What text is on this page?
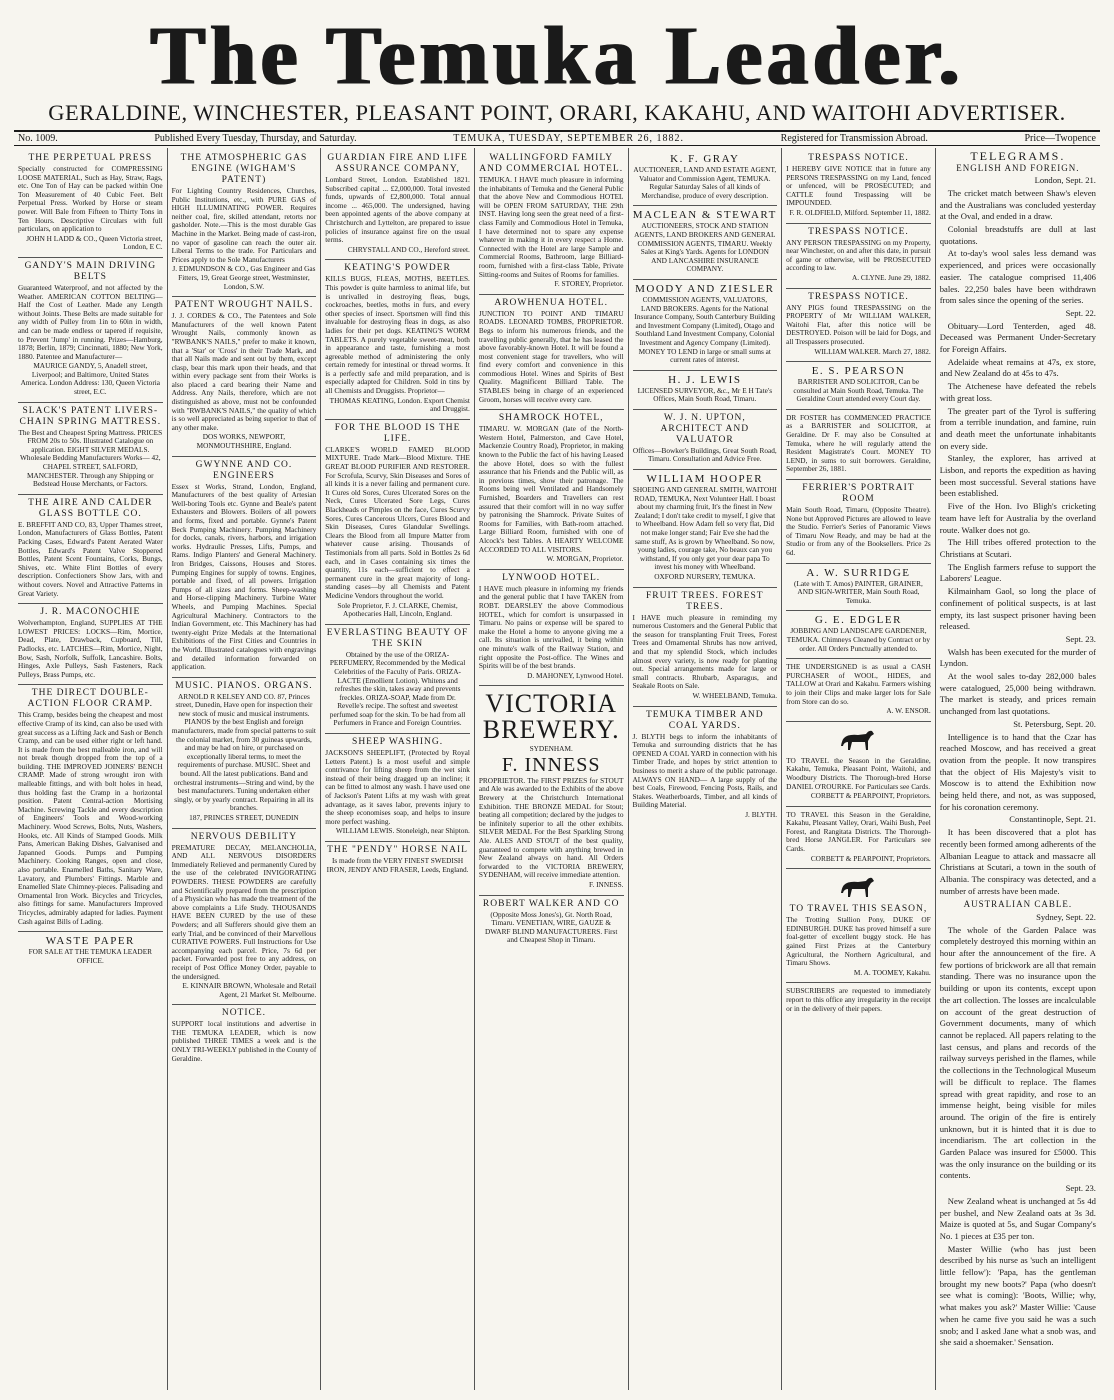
The Temuka Leader.
GERALDINE, WINCHESTER, PLEASANT POINT, ORARI, KAKAHU, AND WAITOHI ADVERTISER.
No. 1009.	Published Every Tuesday, Thursday, and Saturday.	TEMUKA, TUESDAY, SEPTEMBER 26, 1882.	Registered for Transmission Abroad.	Price—Twopence
THE PERPETUAL PRESS

Specially constructed for COMPRESSING LOOSE MATERIAL, Such as Hay, Straw, Rags, etc. One Ton of Hay can be packed within One Ton Measurement of 40 Cubic Feet. Belt Perpetual Press. Worked by Horse or steam power. Will Bale from Fifteen to Thirty Tons in Ten Hours. Descriptive Circulars with full particulars, on application to

JOHN H LADD & CO., Queen Victoria street, London, E C.

GANDY'S MAIN DRIVING BELTS

Guaranteed Waterproof, and not affected by the Weather. AMERICAN COTTON BELTING—Half the Cost of Leather. Made any Length without Joints. These Belts are made suitable for any width of Pulley from 1in to 60in in width, and can be made endless or tapered if requisite, to Prevent 'Jump' in running. Prizes—Hamburg, 1878; Berlin, 1879; Cincinnati, 1880; New York, 1880. Patentee and Manufacturer—

MAURICE GANDY, 5, Anadell street, Liverpool; and Baltimore, United States America. London Address: 130, Queen Victoria street, E.C.

SLACK'S PATENT LIVERS-CHAIN SPRING MATTRESS.

The Best and Cheapest Spring Mattress. PRICES FROM 20s to 50s. Illustrated Catalogue on application. EIGHT SILVER MEDALS. Wholesale Bedding Manufacturers Works— 42, CHAPEL STREET, SALFORD, MANCHESTER. Through any Shipping or Bedstead House Merchants, or Factors.

THE AIRE AND CALDER GLASS BOTTLE CO.

E. BREFFIT AND CO, 83, Upper Thames street, London, Manufacturers of Glass Bottles, Patent Packing Cases, Edward's Patent Aerated Water Bottles, Edward's Patent Valve Stoppered Bottles, Patent Scent Fountains, Corks, Bungs, Shives, etc. White Flint Bottles of every description. Confectioners Show Jars, with and without covers. Novel and Attractive Patterns in Great Variety.

J. R. MACONOCHIE

Wolverhampton, England, SUPPLIES AT THE LOWEST PRICES: LOCKS—Rim, Mortice, Dead, Plate, Drawback, Cupboard, Till, Padlocks, etc. LATCHES—Rim, Mortice, Night, Bow, Sash, Norfolk, Suffolk, Lancashire. Bolts, Hinges, Axle Pulleys, Sash Fasteners, Rack Pulleys, Brass Pumps, etc.

THE DIRECT DOUBLE-ACTION FLOOR CRAMP.

This Cramp, besides being the cheapest and most effective Cramp of its kind, can also be used with great success as a Lifting Jack and Sash or Bench Cramp, and can be used either right or left hand. It is made from the best malleable iron, and will not break though dropped from the top of a building. THE IMPROVED JOINERS' BENCH CRAMP. Made of strong wrought iron with malleable fittings, and with bolt holes in head, thus holding fast the Cramp in a horizontal position. Patent Central-action Mortising Machine. Screwing Tackle and every description of Engineers' Tools and Wood-working Machinery. Wood Screws, Bolts, Nuts, Washers, Hooks, etc. All Kinds of Stamped Goods. Milk Pans, American Baking Dishes, Galvanised and Japanned Goods. Pumps and Pumping Machinery. Cooking Ranges, open and close, also portable. Enamelled Baths, Sanitary Ware, Lavatory, and Plumbers' Fittings. Marble and Enamelled Slate Chimney-pieces. Palisading and Ornamental Iron Work. Bicycles and Tricycles, also fittings for same. Manufacturers Improved Tricycles, admirably adapted for ladies. Payment Cash against Bills of Lading.

WASTE PAPER

FOR SALE AT THE TEMUKA LEADER OFFICE.

THE ATMOSPHERIC GAS ENGINE (WIGHAM'S PATENT)

For Lighting Country Residences, Churches, Public Institutions, etc., with PURE GAS of HIGH ILLUMINATING POWER. Requires neither coal, fire, skilled attendant, retorts nor gasholder. Note.—This is the most durable Gas Machine in the Market. Being made of cast-iron, no vapor of gasoline can reach the outer air. Liberal Terms to the trade. For Particulars and Prices apply to the Sole Manufacturers

J. EDMUNDSON & CO., Gas Engineer and Gas Fitters, 19, Great George street, Westminster, London, S.W.

PATENT WROUGHT NAILS.

J. J. CORDES & CO., The Patentees and Sole Manufacturers of the well known Patent Wrought Nails, commonly known as "RWBANK'S NAILS," prefer to make it known, that a 'Star' or 'Cross' in their Trade Mark, and that all Nails made and sent out by them, except clasp, bear this mark upon their heads, and that within every package sent from their Works is also placed a card bearing their Name and Address. Any Nails, therefore, which are not distinguished as above, must not be confounded with "RWBANK'S NAILS," the quality of which is so well appreciated as being superior to that of any other make.

DOS WORKS, NEWPORT, MONMOUTHSHIRE, England.

GWYNNE AND CO. ENGINEERS

Essex st Works, Strand, London, England, Manufacturers of the best quality of Artesian Well-boring Tools etc. Gynne and Beale's patent Exhausters and Blowers. Boilers of all powers and forms, fixed and portable. Gynne's Patent Beck Pumping Machinery. Pumping Machinery for docks, canals, rivers, harbors, and irrigation works. Hydraulic Presses, Lifts, Pumps, and Rams. Indigo Planters' and General Machinery. Iron Bridges, Caissons, Houses and Stores. Pumping Engines for supply of towns. Engines, portable and fixed, of all powers. Irrigation Pumps of all sizes and forms. Sheep-washing and Horse-clipping Machinery. Turbine Water Wheels, and Pumping Machines. Special Agricultural Machinery. Contractors to the Indian Government, etc. This Machinery has had twenty-eight Prize Medals at the International Exhibitions of the First Cities and Countries in the World. Illustrated catalogues with engravings and detailed information forwarded on application.

MUSIC. PIANOS. ORGANS.

ARNOLD R KELSEY AND CO. 87, Princes street, Dunedin, Have open for inspection their new stock of music and musical instruments. PIANOS by the best English and foreign manufacturers, made from special patterns to suit the colonial market, from 30 guineas upwards, and may be had on hire, or purchased on exceptionally liberal terms, to meet the requirements of purchase. MUSIC. Sheet and bound. All the latest publications. Band and orchestral instruments—String and wind, by the best manufacturers. Tuning undertaken either singly, or by yearly contract. Repairing in all its branches.

187, PRINCES STREET, DUNEDIN

NERVOUS DEBILITY

PREMATURE DECAY, MELANCHOLIA, AND ALL NERVOUS DISORDERS Immediately Relieved and permanently Cured by the use of the celebrated INVIGORATING POWDERS. THESE POWDERS are carefully and Scientifically prepared from the prescription of a Physician who has made the treatment of the above complaints a Life Study. THOUSANDS HAVE BEEN CURED by the use of these Powders; and all Sufferers should give them an early Trial, and be convinced of their Marvellous CURATIVE POWERS. Full Instructions for Use accompanying each parcel. Price, 7s 6d per packet. Forwarded post free to any address, on receipt of Post Office Money Order, payable to the undersigned.

E. KINNAIR BROWN, Wholesale and Retail Agent, 21 Market St. Melbourne.

NOTICE.

SUPPORT local institutions and advertise in THE TEMUKA LEADER, which is now published THREE TIMES a week and is the ONLY TRI-WEEKLY published in the County of Geraldine.

GUARDIAN FIRE AND LIFE ASSURANCE COMPANY,

Lombard Street, London. Established 1821. Subscribed capital ... £2,000,000. Total invested funds, upwards of £2,800,000. Total annual income ... 465,000. The undersigned, having been appointed agents of the above company at Christchurch and Lyttelton, are prepared to issue policies of insurance against fire on the usual terms.

CHRYSTALL AND CO., Hereford street.

KEATING'S POWDER

KILLS BUGS, FLEAS, MOTHS, BEETLES. This powder is quite harmless to animal life, but is unrivalled in destroying fleas, bugs, cockroaches, beetles, moths in furs, and every other species of insect. Sportsmen will find this invaluable for destroying fleas in dogs, as also ladies for their pet dogs. KEATING'S WORM TABLETS. A purely vegetable sweet-meat, both in appearance and taste, furnishing a most agreeable method of administering the only certain remedy for intestinal or thread worms. It is a perfectly safe and mild preparation, and is especially adapted for Children. Sold in tins by all Chemists and Druggists. Proprietor—

THOMAS KEATING, London. Export Chemist and Druggist.

FOR THE BLOOD IS THE LIFE.

CLARKE'S WORLD FAMED BLOOD MIXTURE. Trade Mark—Blood Mixture. THE GREAT BLOOD PURIFIER AND RESTORER. For Scrofula, Scurvy, Skin Diseases and Sores of all kinds it is a never failing and permanent cure. It Cures old Sores, Cures Ulcerated Sores on the Neck, Cures Ulcerated Sore Legs, Cures Blackheads or Pimples on the face, Cures Scurvy Sores, Cures Cancerous Ulcers, Cures Blood and Skin Diseases, Cures Glandular Swellings. Clears the Blood from all Impure Matter from whatever cause arising. Thousands of Testimonials from all parts. Sold in Bottles 2s 6d each, and in Cases containing six times the quantity, 11s each—sufficient to effect a permanent cure in the great majority of long-standing cases—by all Chemists and Patent Medicine Vendors throughout the world.

Sole Proprietor, F. J. CLARKE, Chemist, Apothecaries Hall, Lincoln, England.

EVERLASTING BEAUTY OF THE SKIN

Obtained by the use of the ORIZA-PERFUMERY, Recommended by the Medical Celebrities of the Faculty of Paris. ORIZA-LACTE (Emollient Lotion). Whitens and refreshes the skin, takes away and prevents freckles. ORIZA-SOAP, Made from Dr. Revelle's recipe. The softest and sweetest perfumed soap for the skin. To be had from all Perfumers in France and Foreign Countries.

SHEEP WASHING.

JACKSON'S SHEEPLIFT, (Protected by Royal Letters Patent.) Is a most useful and simple contrivance for lifting sheep from the wet sink instead of their being dragged up an incline; it can be fitted to almost any wash. I have used one of Jackson's Patent Lifts at my wash with great advantage, as it saves labor, prevents injury to the sheep economises soap, and helps to insure more perfect washing.

WILLIAM LEWIS. Stoneleigh, near Shipton.

THE "PENDY" HORSE NAIL

Is made from the VERY FINEST SWEDISH IRON, JENDY AND FRASER, Leeds, England.

WALLINGFORD FAMILY AND COMMERCIAL HOTEL.

TEMUKA. I HAVE much pleasure in informing the inhabitants of Temuka and the General Public that the above New and Commodious HOTEL will be OPEN FROM SATURDAY, THE 29th INST. Having long seen the great need of a first-class Family and Commodious Hotel in Temuka, I have determined not to spare any expense whatever in making it in every respect a Home. Connected with the Hotel are large Sample and Commercial Rooms, Bathroom, large Billiard-room, furnished with a first-class Table, Private Sitting-rooms and Suites of Rooms for families.

F. STOREY, Proprietor.

AROWHENUA HOTEL.

JUNCTION TO POINT AND TIMARU ROADS. LEONARD TOMBS, PROPRIETOR. Begs to inform his numerous friends, and the travelling public generally, that he has leased the above favorably-known Hotel. It will be found a most convenient stage for travellers, who will find every comfort and convenience in this commodious Hotel. Wines and Spirits of Best Quality. Magnificent Billiard Table. The STABLES being in charge of an experienced Groom, horses will receive every care.

SHAMROCK HOTEL,

TIMARU. W. MORGAN (late of the North-Western Hotel, Palmerston, and Cave Hotel, Mackenzie Country Road), Proprietor, in making known to the Public the fact of his having Leased the above Hotel, does so with the fullest assurance that his Friends and the Public will, as in previous times, show their patronage. The Rooms being well Ventilated and Handsomely Furnished, Boarders and Travellers can rest assured that their comfort will in no way suffer by patronising the Shamrock. Private Suites of Rooms for Families, with Bath-room attached. Large Billiard Room, furnished with one of Alcock's best Tables. A HEARTY WELCOME ACCORDED TO ALL VISITORS.

W. MORGAN, Proprietor.

LYNWOOD HOTEL.

I HAVE much pleasure in informing my friends and the general public that I have TAKEN from ROBT. DEARSLEY the above Commodious HOTEL, which for comfort is unsurpassed in Timaru. No pains or expense will be spared to make the Hotel a home to anyone giving me a call. Its situation is unrivalled, it being within one minute's walk of the Railway Station, and right opposite the Post-office. The Wines and Spirits will be of the best brands.

D. MAHONEY, Lynwood Hotel.

VICTORIA BREWERY.
SYDENHAM.
F. INNESS

PROPRIETOR. The FIRST PRIZES for STOUT and Ale was awarded to the Exhibits of the above Brewery at the Christchurch International Exhibition. THE BRONZE MEDAL for Stout; beating all competition; declared by the judges to be infinitely superior to all the other exhibits. SILVER MEDAL For the Best Sparkling Strong Ale. ALES AND STOUT of the best quality, guaranteed to compete with anything brewed in New Zealand always on hand. All Orders forwarded to the VICTORIA BREWERY, SYDENHAM, will receive immediate attention.

F. INNESS.

ROBERT WALKER AND CO

(Opposite Moss Jones's), Gt. North Road, Timaru. VENETIAN, WIRE, GAUZE & DWARF BLIND MANUFACTURERS. First and Cheapest Shop in Timaru.

K. F. GRAY

AUCTIONEER, LAND AND ESTATE AGENT, Valuator and Commission Agent, TEMUKA. Regular Saturday Sales of all kinds of Merchandise, produce of every description.

MACLEAN & STEWART

AUCTIONEERS, STOCK AND STATION AGENTS, LAND BROKERS AND GENERAL COMMISSION AGENTS, TIMARU. Weekly Sales at King's Yards. Agents for LONDON AND LANCASHIRE INSURANCE COMPANY.

MOODY AND ZIESLER

COMMISSION AGENTS, VALUATORS, LAND BROKERS. Agents for the National Insurance Company, South Canterbury Building and Investment Company (Limited), Otago and Southland Land Investment Company, Colonial Investment and Agency Company (Limited). MONEY TO LEND in large or small sums at current rates of interest.

H. J. LEWIS

LICENSED SURVEYOR, &c., Mr E H Tate's Offices, Main South Road, Timaru.

W. J. N. UPTON, ARCHITECT AND VALUATOR

Offices—Bowker's Buildings, Great South Road, Timaru. Consultation and Advice Free.

WILLIAM HOOPER

SHOEING AND GENERAL SMITH, WAITOHI ROAD, TEMUKA, Next Volunteer Hall. I boast about my charming fruit, It's the finest in New Zealand; I don't take credit to myself, I give that to Wheelband. How Adam fell so very flat, Did not make longer stand; Fair Eve she had the same stuff, As is grown by Wheelband. So now, young ladies, courage take, No beaux can you withstand, If you only get your dear papa To invest his money with Wheelband.

OXFORD NURSERY, TEMUKA.

FRUIT TREES. FOREST TREES.

I HAVE much pleasure in reminding my numerous Customers and the General Public that the season for transplanting Fruit Trees, Forest Trees and Ornamental Shrubs has now arrived, and that my splendid Stock, which includes almost every variety, is now ready for planting out. Special arrangements made for large or small contracts. Rhubarb, Asparagus, and Seakale Roots on Sale.

W. WHEELBAND, Temuka.

TEMUKA TIMBER AND COAL YARDS.

J. BLYTH begs to inform the inhabitants of Temuka and surrounding districts that he has OPENED A COAL YARD in connection with his Timber Trade, and hopes by strict attention to business to merit a share of the public patronage. ALWAYS ON HAND— A large supply of the best Coals, Firewood, Fencing Posts, Rails, and Stakes. Weatherboards, Timber, and all kinds of Building Material.

J. BLYTH.

TRESPASS NOTICE.

I HEREBY GIVE NOTICE that in future any PERSONS TRESPASSING on my Land, fenced or unfenced, will be PROSECUTED; and CATTLE found Trespassing will be IMPOUNDED.

F. R. OLDFIELD, Milford. September 11, 1882.

TRESPASS NOTICE.

ANY PERSON TRESPASSING on my Property, near Winchester, on and after this date, in pursuit of game or otherwise, will be PROSECUTED according to law.

A. CLYNE. June 29, 1882.

TRESPASS NOTICE.

ANY PIGS found TRESPASSING on the PROPERTY of Mr WILLIAM WALKER, Waitohi Flat, after this notice will be DESTROYED. Poison will be laid for Dogs, and all Trespassers prosecuted.

WILLIAM WALKER. March 27, 1882.

E. S. PEARSON

BARRISTER AND SOLICITOR, Can be consulted at Main South Road, Temuka. The Geraldine Court attended every Court day.

DR FOSTER has COMMENCED PRACTICE as a BARRISTER and SOLICITOR, at Geraldine. Dr F. may also be Consulted at Temuka, where he will regularly attend the Resident Magistrate's Court. MONEY TO LEND, in sums to suit borrowers. Geraldine, September 26, 1881.

FERRIER'S PORTRAIT ROOM

Main South Road, Timaru, (Opposite Theatre). None but Approved Pictures are allowed to leave the Studio. Ferrier's Series of Panoramic Views of Timaru Now Ready, and may be had at the Studio or from any of the Booksellers. Price 2s 6d.

A. W. SURRIDGE

(Late with T. Amos) PAINTER, GRAINER, AND SIGN-WRITER, Main South Road, Temuka.

G. E. EDGLER

JOBBING AND LANDSCAPE GARDENER, TEMUKA. Chimneys Cleaned by Contract or by order. All Orders Punctually attended to.

THE UNDERSIGNED is as usual a CASH PURCHASER of WOOL, HIDES, and TALLOW at Orari and Kakahu. Farmers wishing to join their Clips and make larger lots for Sale from Store can do so.

A. W. ENSOR.

TO TRAVEL the Season in the Geraldine, Kakahu, Temuka, Pleasant Point, Waitohi, and Woodbury Districts. The Thorough-bred Horse DANIEL O'ROURKE. For Particulars see Cards.

CORBETT & PEARPOINT, Proprietors.

TO TRAVEL this Season in the Geraldine, Kakahu, Pleasant Valley, Orari, Waihi Bush, Peel Forest, and Rangitata Districts. The Thorough-bred Horse JANGLER. For Particulars see Cards.

CORBETT & PEARPOINT, Proprietors.

TO TRAVEL THIS SEASON,

The Trotting Stallion Pony, DUKE OF EDINBURGH. DUKE has proved himself a sure foal-getter of excellent buggy stock. He has gained First Prizes at the Canterbury Agricultural, the Northern Agricultural, and Timaru Shows.

M. A. TOOMEY, Kakahu.

SUBSCRIBERS are requested to immediately report to this office any irregularity in the receipt or in the delivery of their papers.

TELEGRAMS.
ENGLISH AND FOREIGN.

London, Sept. 21.

The cricket match between Shaw's eleven and the Australians was concluded yesterday at the Oval, and ended in a draw.

Colonial breadstuffs are dull at last quotations.

At to-day's wool sales less demand was experienced, and prices were occasionally easier. The catalogue comprised 11,406 bales. 22,250 bales have been withdrawn from sales since the opening of the series.

Sept. 22.

Obituary—Lord Tenterden, aged 48. Deceased was Permanent Under-Secretary for Foreign Affairs.

Adelaide wheat remains at 47s, ex store, and New Zealand do at 45s to 47s.

The Atchenese have defeated the rebels with great loss.

The greater part of the Tyrol is suffering from a terrible inundation, and famine, ruin and death meet the unfortunate inhabitants on every side.

Stanley, the explorer, has arrived at Lisbon, and reports the expedition as having been most successful. Several stations have been established.

Five of the Hon. Ivo Bligh's cricketing team have left for Australia by the overland route. Walker does not go.

The Hill tribes offered protection to the Christians at Scutari.

The English farmers refuse to support the Laborers' League.

Kilmainham Gaol, so long the place of confinement of political suspects, is at last empty, its last suspect prisoner having been released.

Sept. 23.

Walsh has been executed for the murder of Lyndon.

At the wool sales to-day 282,000 bales were catalogued, 25,000 being withdrawn. The market is steady, and prices remain unchanged from last quotations.

St. Petersburg, Sept. 20.

Intelligence is to hand that the Czar has reached Moscow, and has received a great ovation from the people. It now transpires that the object of His Majesty's visit to Moscow is to attend the Exhibition now being held there, and not, as was supposed, for his coronation ceremony.

Constantinople, Sept. 21.

It has been discovered that a plot has recently been formed among adherents of the Albanian League to attack and massacre all Christians at Scutari, a town in the south of Albania. The conspiracy was detected, and a number of arrests have been made.

AUSTRALIAN CABLE.

Sydney, Sept. 22.

The whole of the Garden Palace was completely destroyed this morning within an hour after the announcement of the fire. A few portions of brickwork are all that remain standing. There was no insurance upon the building or upon its contents, except upon the art collection. The losses are incalculable on account of the great destruction of Government documents, many of which cannot be replaced. All papers relating to the last census, and plans and records of the railway surveys perished in the flames, while the collections in the Technological Museum will be difficult to replace. The flames spread with great rapidity, and rose to an immense height, being visible for miles around. The origin of the fire is entirely unknown, but it is hinted that it is due to incendiarism. The art collection in the Garden Palace was insured for £5000. This was the only insurance on the building or its contents.

Sept. 23.

New Zealand wheat is unchanged at 5s 4d per bushel, and New Zealand oats at 3s 3d. Maize is quoted at 5s, and Sugar Company's No. 1 pieces at £35 per ton.

Master Willie (who has just been described by his nurse as 'such an intelligent little fellow'): 'Papa, has the gentleman brought my new boots?' Papa (who doesn't see what is coming): 'Boots, Willie; why, what makes you ask?' Master Willie: 'Cause when he came five you said he was a such snob; and I asked Jane what a snob was, and she said a shoemaker.' Sensation.
